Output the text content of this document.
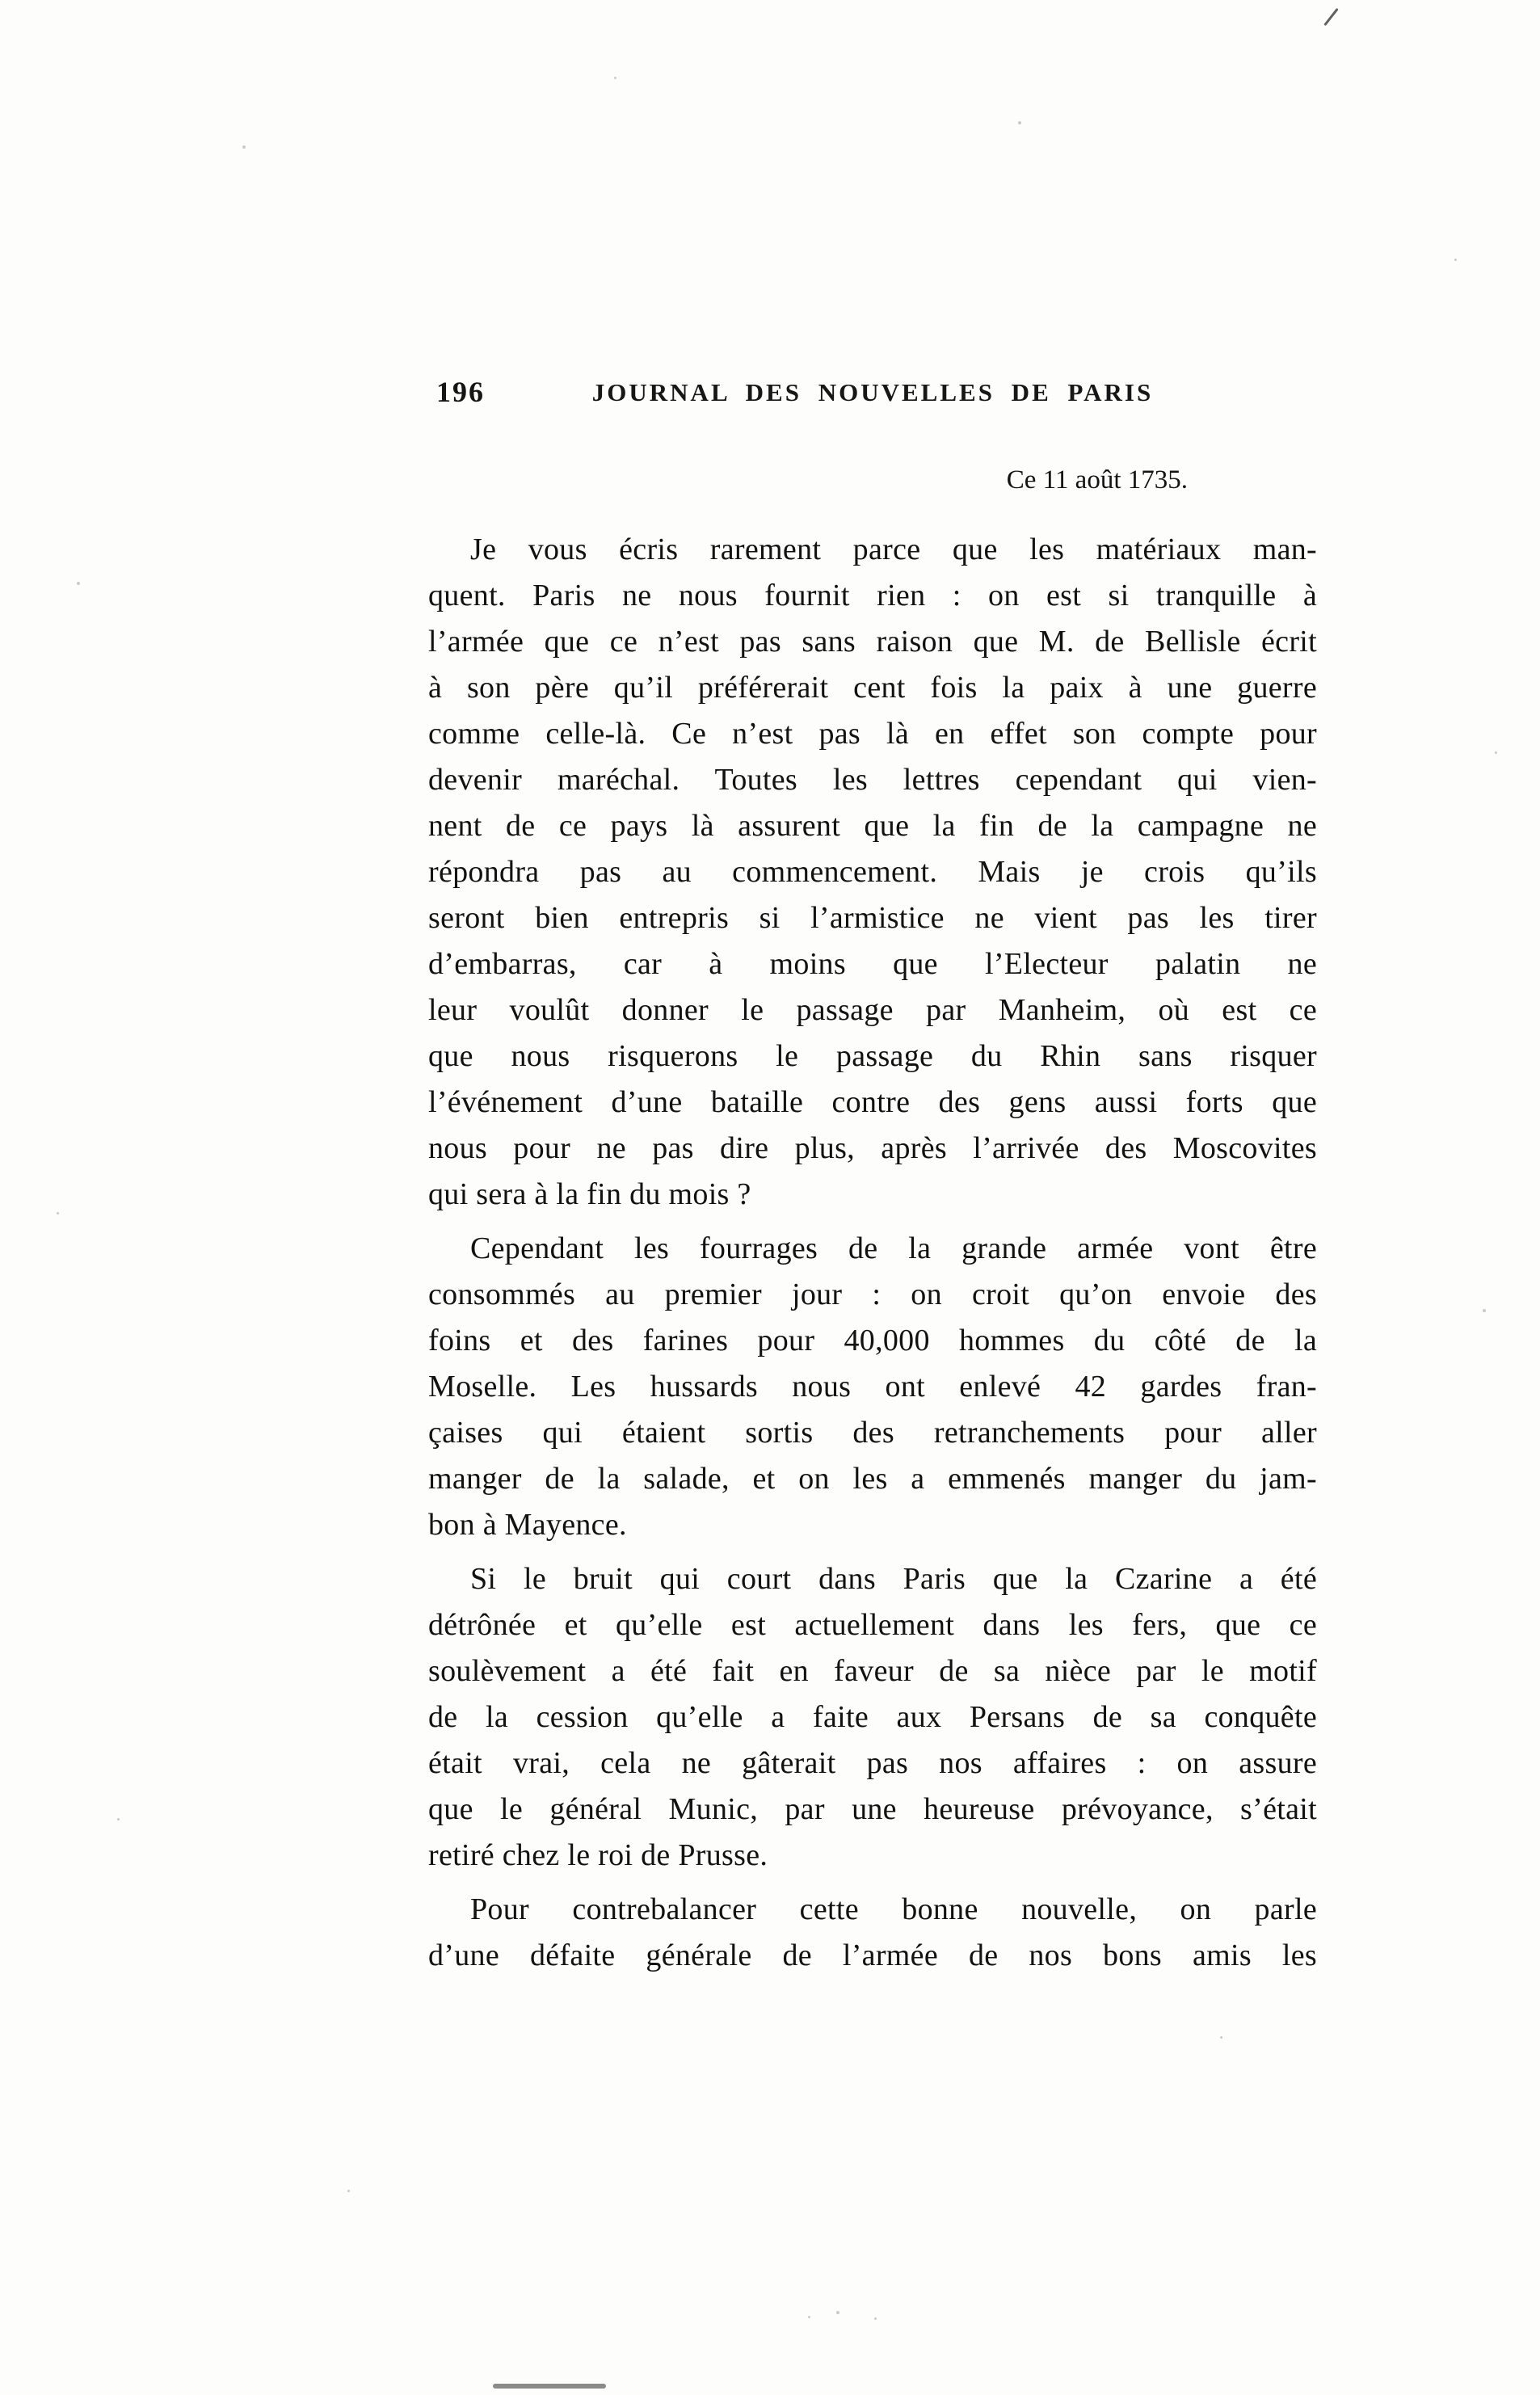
196	JOURNAL DES NOUVELLES DE PARIS
Ce 11 août 1735.

Je vous écris rarement parce que les matériaux man-
quent. Paris ne nous fournit rien : on est si tranquille à
l’armée que ce n’est pas sans raison que M. de Bellisle écrit
à son père qu’il préférerait cent fois la paix à une guerre
comme celle-là. Ce n’est pas là en effet son compte pour
devenir maréchal. Toutes les lettres cependant qui vien-
nent de ce pays là assurent que la fin de la campagne ne
répondra pas au commencement. Mais je crois qu’ils
seront bien entrepris si l’armistice ne vient pas les tirer
d’embarras, car à moins que l’Electeur palatin ne
leur voulût donner le passage par Manheim, où est ce
que nous risquerons le passage du Rhin sans risquer
l’événement d’une bataille contre des gens aussi forts que
nous pour ne pas dire plus, après l’arrivée des Moscovites
qui sera à la fin du mois ?

Cependant les fourrages de la grande armée vont être
consommés au premier jour : on croit qu’on envoie des
foins et des farines pour 40,000 hommes du côté de la
Moselle. Les hussards nous ont enlevé 42 gardes fran-
çaises qui étaient sortis des retranchements pour aller
manger de la salade, et on les a emmenés manger du jam-
bon à Mayence.

Si le bruit qui court dans Paris que la Czarine a été
détrônée et qu’elle est actuellement dans les fers, que ce
soulèvement a été fait en faveur de sa nièce par le motif
de la cession qu’elle a faite aux Persans de sa conquête
était vrai, cela ne gâterait pas nos affaires : on assure
que le général Munic, par une heureuse prévoyance, s’était
retiré chez le roi de Prusse.

Pour contrebalancer cette bonne nouvelle, on parle
d’une défaite générale de l’armée de nos bons amis les
